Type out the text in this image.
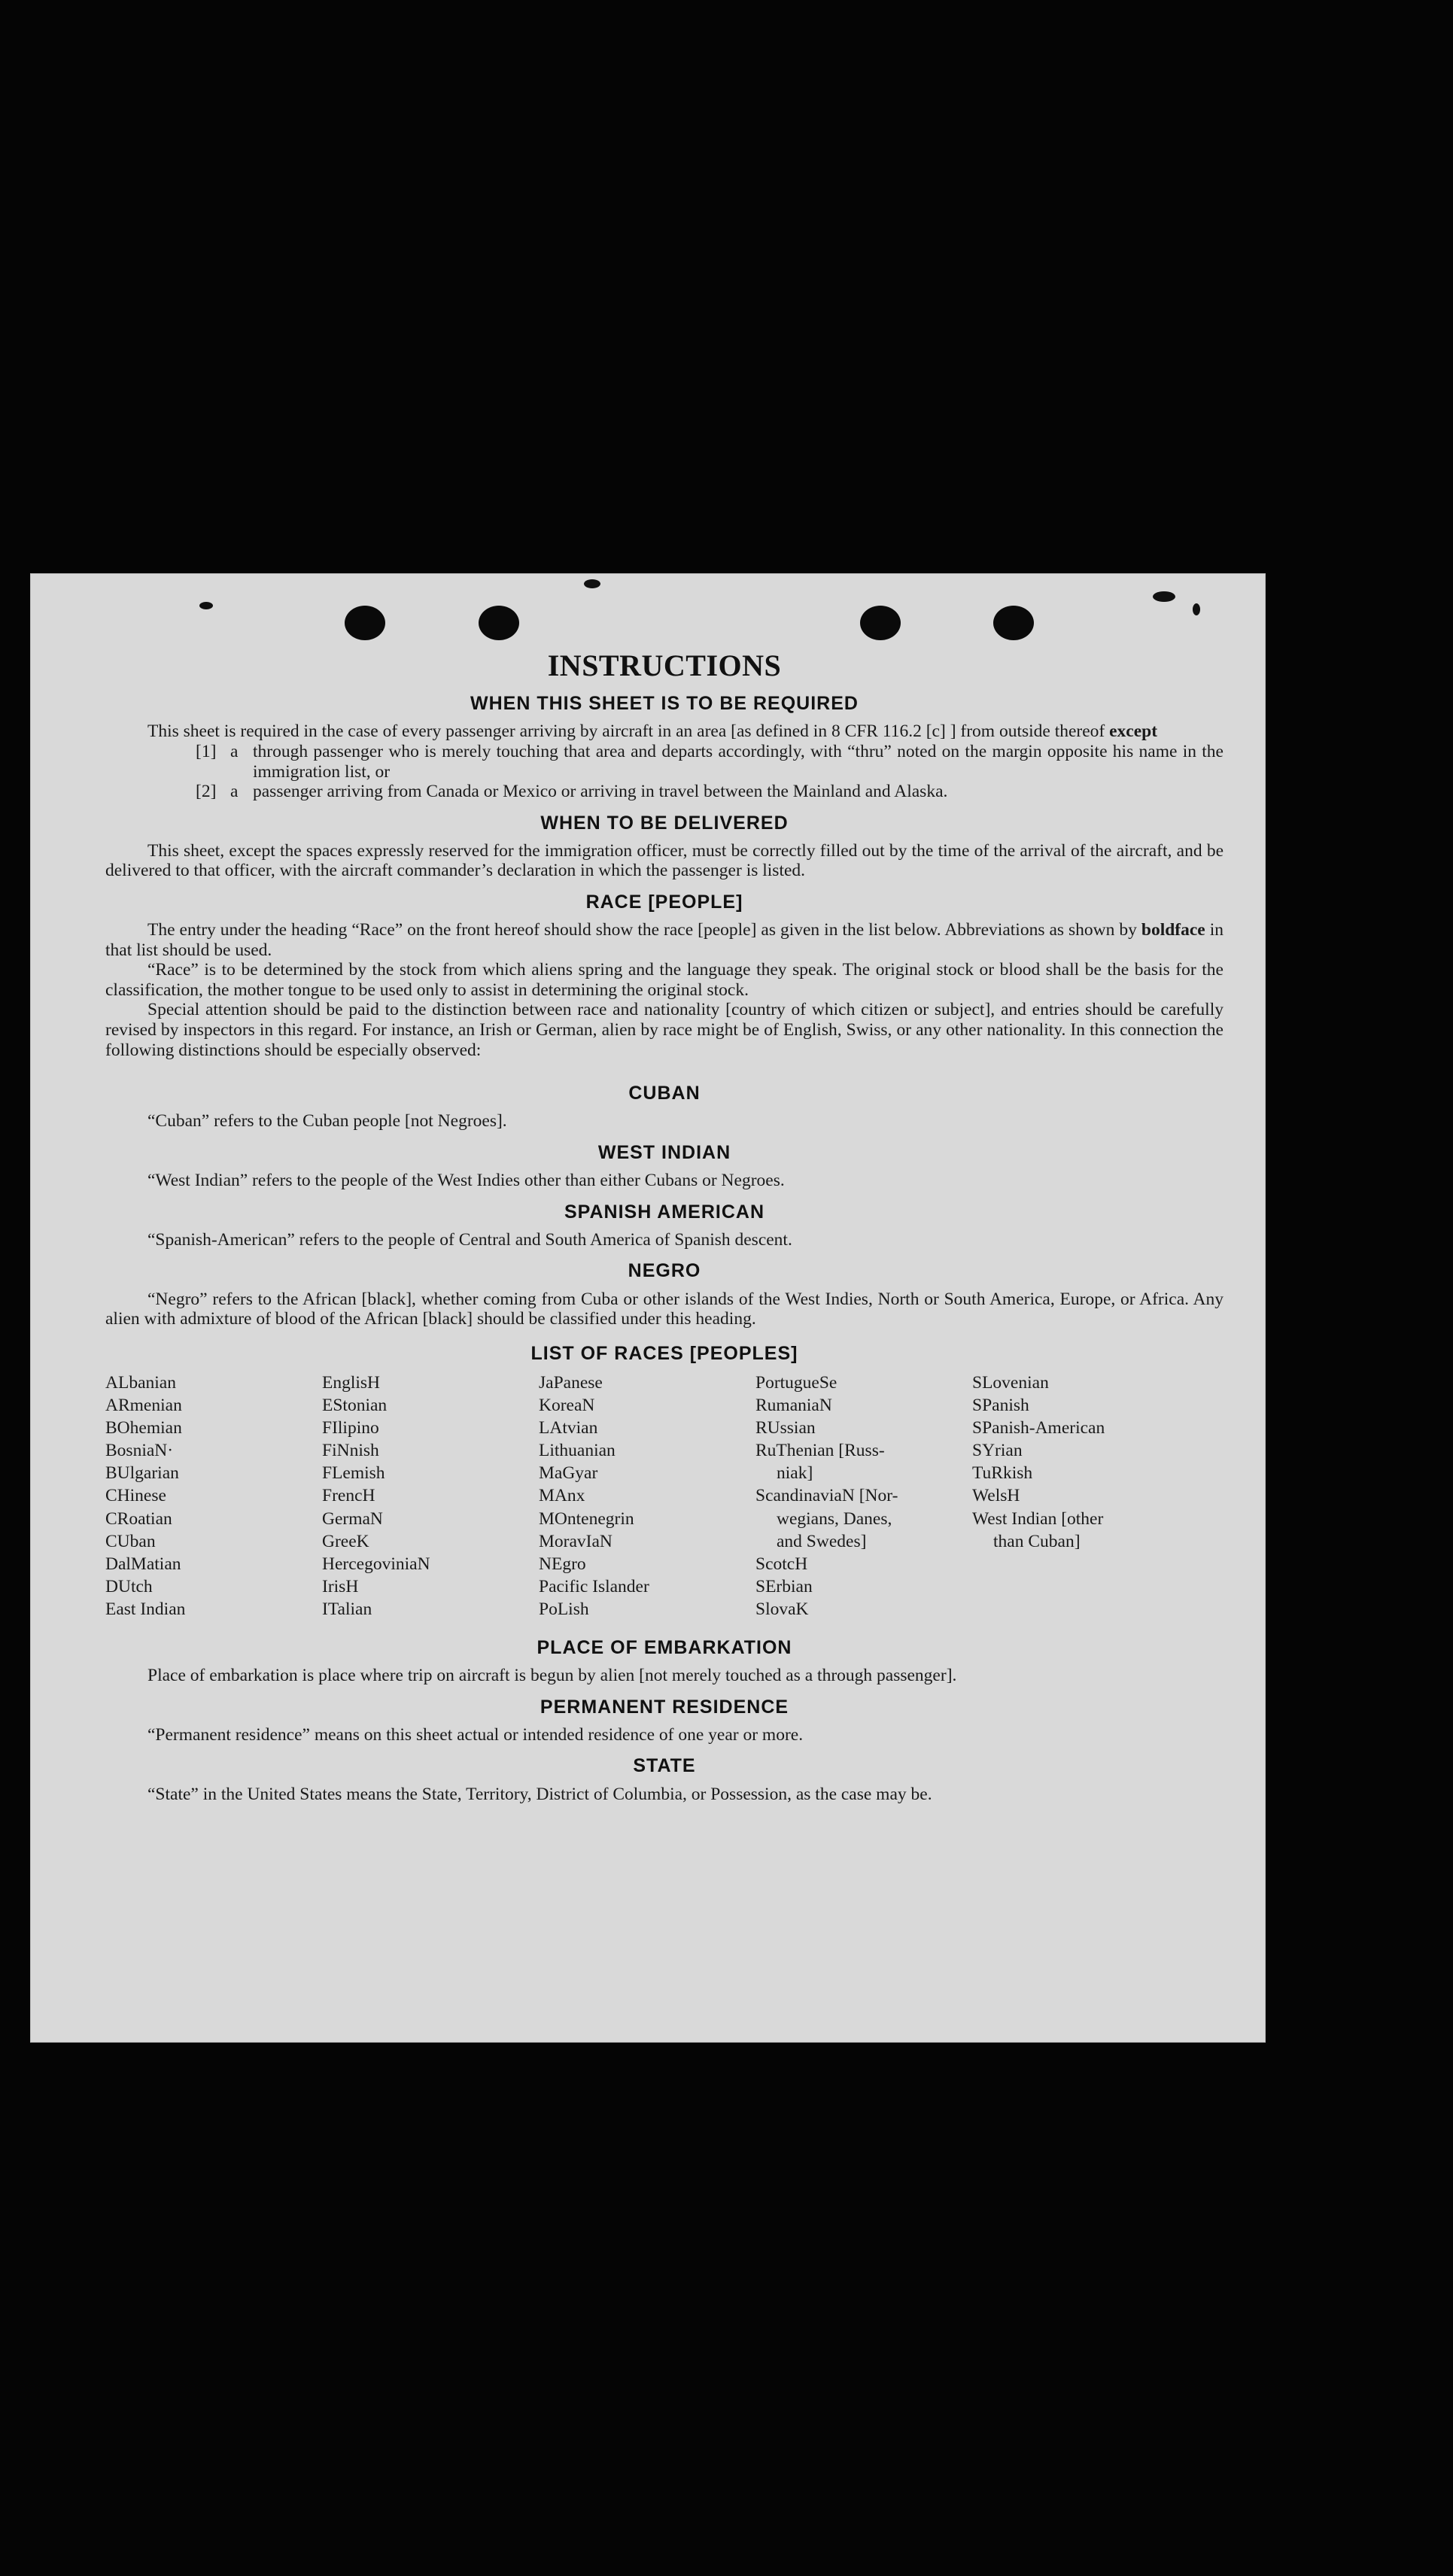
INSTRUCTIONS
WHEN THIS SHEET IS TO BE REQUIRED

This sheet is required in the case of every passenger arriving by aircraft in an area [as defined in 8 CFR 116.2 [c] ] from outside thereof except

[1] a through passenger who is merely touching that area and departs accordingly, with “thru” noted on the margin opposite his name in the immigration list, or
[2] a passenger arriving from Canada or Mexico or arriving in travel between the Mainland and Alaska.
WHEN TO BE DELIVERED

This sheet, except the spaces expressly reserved for the immigration officer, must be correctly filled out by the time of the arrival of the aircraft, and be delivered to that officer, with the aircraft commander’s declaration in which the passenger is listed.

RACE [PEOPLE]

The entry under the heading “Race” on the front hereof should show the race [people] as given in the list below. Abbreviations as shown by boldface in that list should be used.

“Race” is to be determined by the stock from which aliens spring and the language they speak. The original stock or blood shall be the basis for the classification, the mother tongue to be used only to assist in determining the original stock.

Special attention should be paid to the distinction between race and nationality [country of which citizen or subject], and entries should be carefully revised by inspectors in this regard. For instance, an Irish or German, alien by race might be of English, Swiss, or any other nationality. In this connection the following distinctions should be especially observed:

CUBAN

“Cuban” refers to the Cuban people [not Negroes].

WEST INDIAN

“West Indian” refers to the people of the West Indies other than either Cubans or Negroes.

SPANISH AMERICAN

“Spanish-American” refers to the people of Central and South America of Spanish descent.

NEGRO

“Negro” refers to the African [black], whether coming from Cuba or other islands of the West Indies, North or South America, Europe, or Africa. Any alien with admixture of blood of the African [black] should be classified under this heading.

LIST OF RACES [PEOPLES]
ALbanian
ARmenian
BOhemian
BosniaN·
BUlgarian
CHinese
CRoatian
CUban
DalMatian
DUtch
East Indian
EnglisH
EStonian
FIlipino
FiNnish
FLemish
FrencH
GermaN
GreeK
HercegoviniaN
IrisH
ITalian
JaPanese
KoreaN
LAtvian
Lithuanian
MaGyar
MAnx
MOntenegrin
MoravIaN
NEgro
Pacific Islander
PoLish
PortugueSe
RumaniaN
RUssian
RuThenian [Russ-
niak]
ScandinaviaN [Nor-
wegians, Danes,
and Swedes]
ScotcH
SErbian
SlovaK
SLovenian
SPanish
SPanish-American
SYrian
TuRkish
WelsH
West Indian [other
than Cuban]
PLACE OF EMBARKATION

Place of embarkation is place where trip on aircraft is begun by alien [not merely touched as a through passenger].

PERMANENT RESIDENCE

“Permanent residence” means on this sheet actual or intended residence of one year or more.

STATE

“State” in the United States means the State, Territory, District of Columbia, or Possession, as the case may be.
